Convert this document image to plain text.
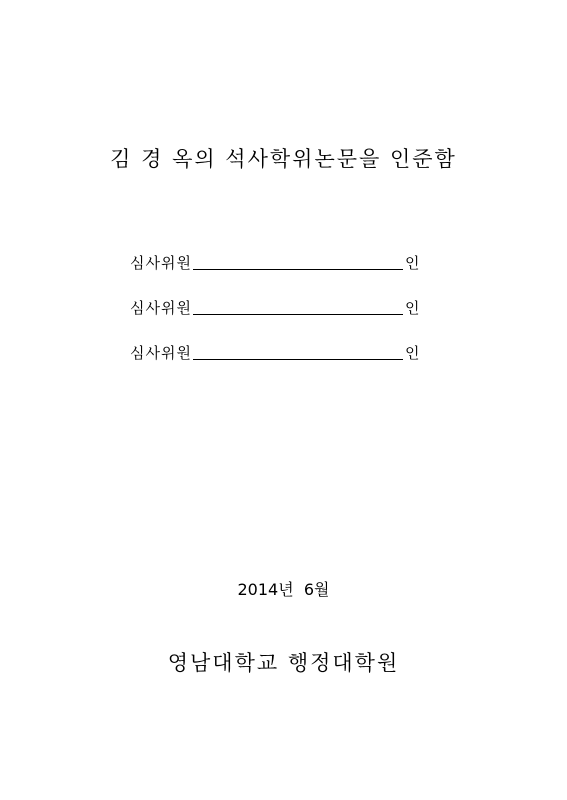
김 경 옥의 석사학위논문을 인준함
심사위원	인
심사위원	인
심사위원	인
2014년  6월
영남대학교 행정대학원
